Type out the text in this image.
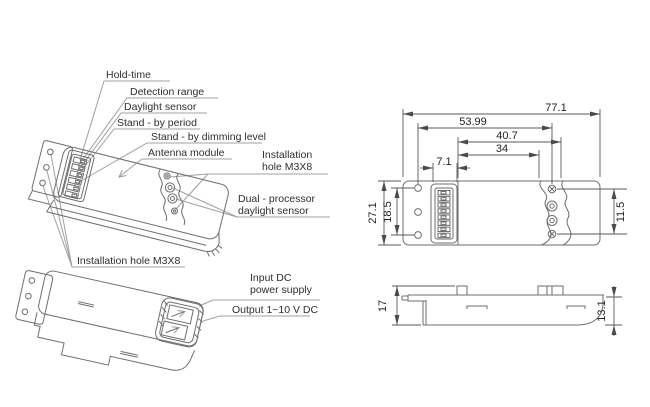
Hold-time
Detection range
Daylight sensor
Stand - by period
Stand - by dimming level
Antenna module	Installation
hole M3X8
Dual - processor
daylight sensor
Installation hole M3X8
Input DC
power supply
Output 1~10 V DC
77.1
53.99
40.7
34
7.1
27.1 18.5	11.5
17	13.1
